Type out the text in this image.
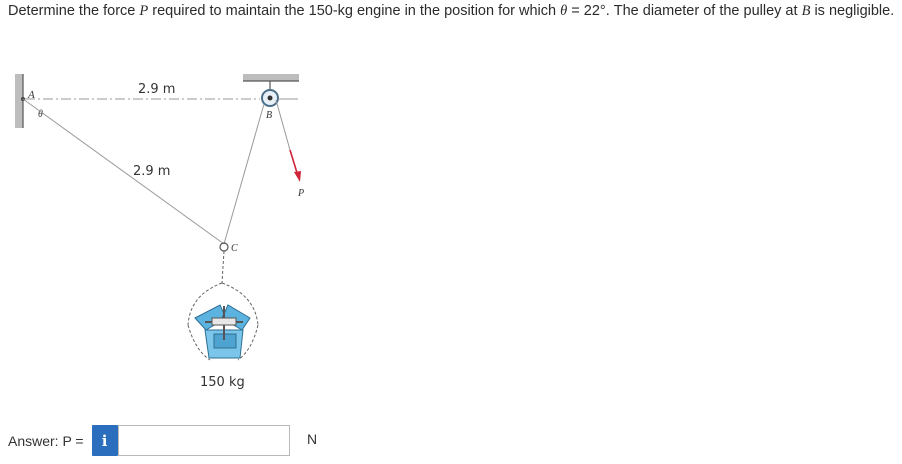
Determine the force P required to maintain the 150-kg engine in the position for which θ = 22°. The diameter of the pulley at B is negligible.
A
θ
2.9 m
B
2.9 m
P
C
150 kg
Answer: P =	i	N
